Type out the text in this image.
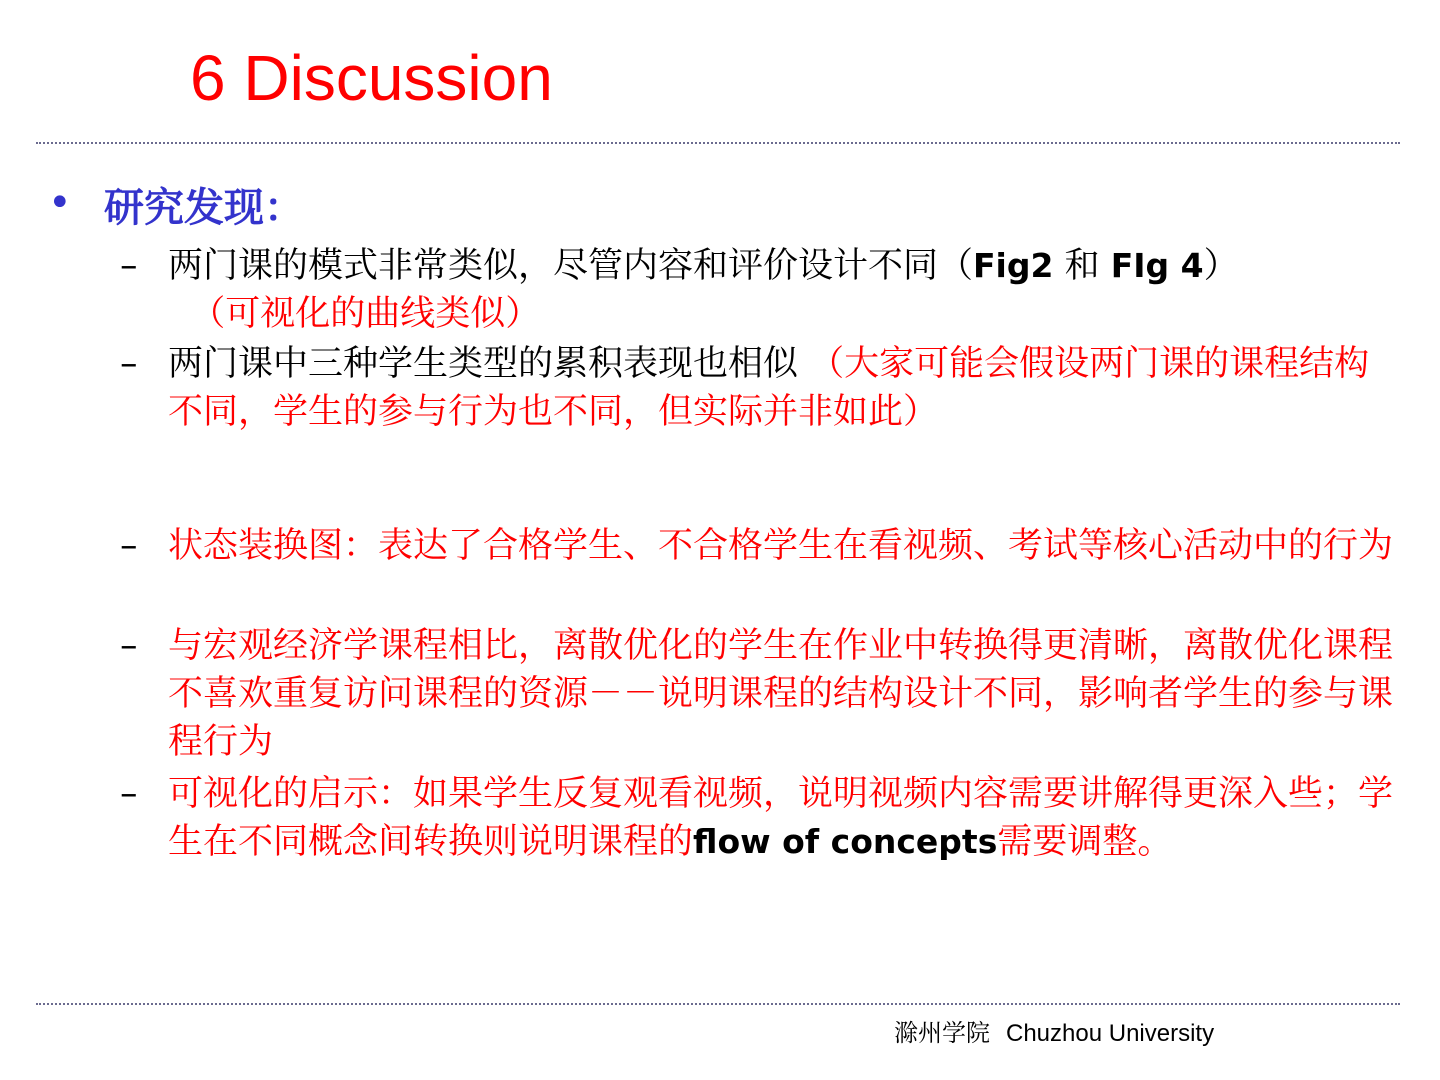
6 Discussion
• 研究发现：
– 两门课的模式非常类似，尽管内容和评价设计不同（Fig2 和 FIg 4）  （可视化的曲线类似）
– 两门课中三种学生类型的累积表现也相似 （大家可能会假设两门课的课程结构不同，学生的参与行为也不同，但实际并非如此）
– 状态装换图：表达了合格学生、不合格学生在看视频、考试等核心活动中的行为
– 与宏观经济学课程相比，离散优化的学生在作业中转换得更清晰，离散优化课程不喜欢重复访问课程的资源－－说明课程的结构设计不同，影响者学生的参与课程行为
– 可视化的启示：如果学生反复观看视频，说明视频内容需要讲解得更深入些；学生在不同概念间转换则说明课程的flow of concepts需要调整。
滁州学院 Chuzhou University
